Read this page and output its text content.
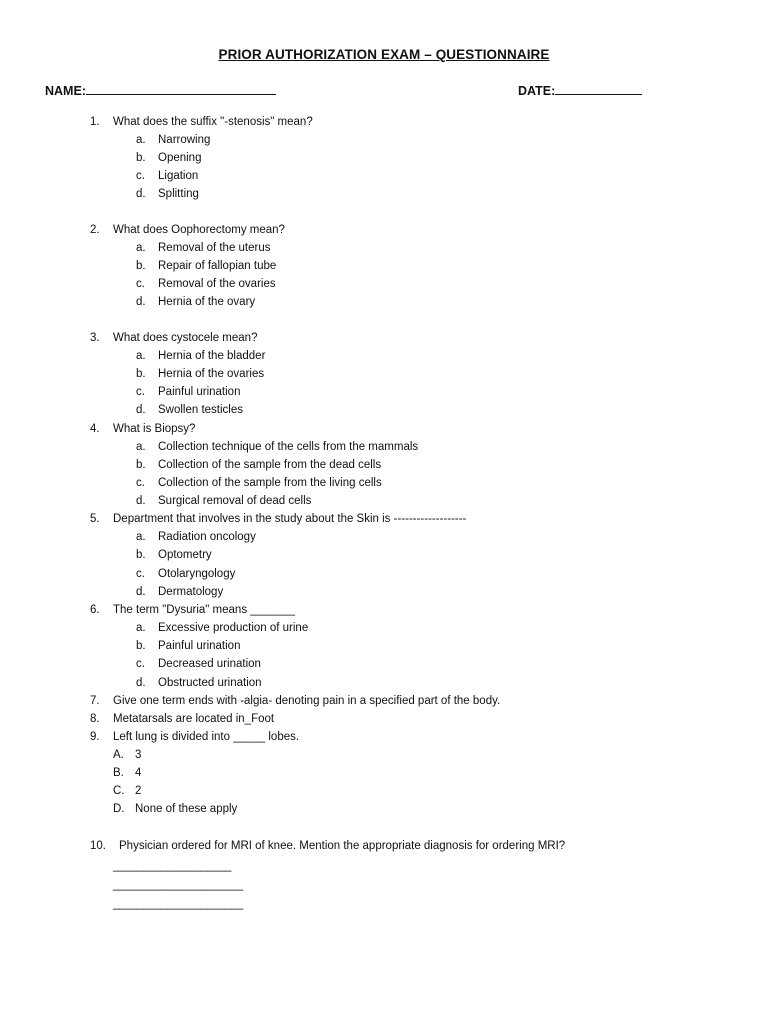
PRIOR AUTHORIZATION EXAM – QUESTIONNAIRE
NAME:	DATE:
1. What does the suffix "-stenosis" mean?
a. Narrowing
b. Opening
c. Ligation
d. Splitting
2. What does Oophorectomy mean?
a. Removal of the uterus
b. Repair of fallopian tube
c. Removal of the ovaries
d. Hernia of the ovary
3. What does cystocele mean?
a. Hernia of the bladder
b. Hernia of the ovaries
c. Painful urination
d. Swollen testicles
4. What is Biopsy?
a. Collection technique of the cells from the mammals
b. Collection of the sample from the dead cells
c. Collection of the sample from the living cells
d. Surgical removal of dead cells
5. Department that involves in the study about the Skin is -------------------
a. Radiation oncology
b. Optometry
c. Otolaryngology
d. Dermatology
6. The term "Dysuria" means _______
a. Excessive production of urine
b. Painful urination
c. Decreased urination
d. Obstructed urination
7. Give one term ends with -algia- denoting pain in a specified part of the body.
8. Metatarsals are located in_Foot
9. Left lung is divided into _____ lobes.
A. 3
B. 4
C. 2
D. None of these apply
10. Physician ordered for MRI of knee. Mention the appropriate diagnosis for ordering MRI?
____________________
______________________
______________________
